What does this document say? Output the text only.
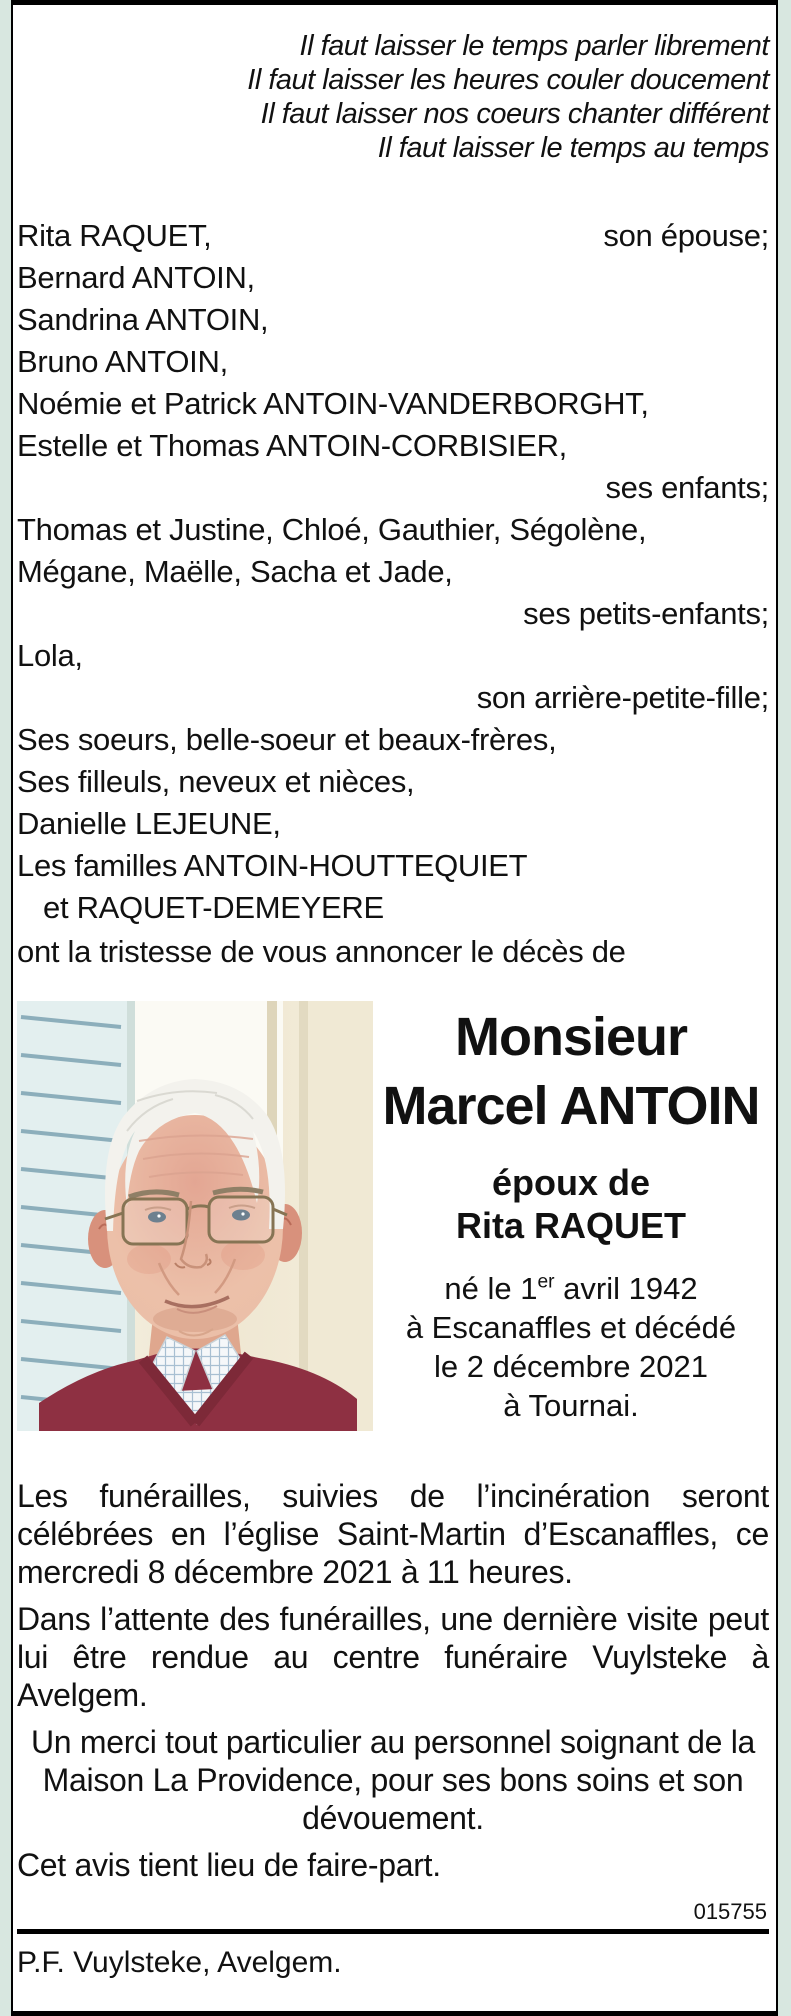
Il faut laisser le temps parler librement
Il faut laisser les heures couler doucement
Il faut laisser nos coeurs chanter différent
Il faut laisser le temps au temps
Rita RAQUET,	son épouse;
Bernard ANTOIN,
Sandrina ANTOIN,
Bruno ANTOIN,
Noémie et Patrick ANTOIN-VANDERBORGHT,
Estelle et Thomas ANTOIN-CORBISIER,
ses enfants;
Thomas et Justine, Chloé, Gauthier, Ségolène,
Mégane, Maëlle, Sacha et Jade,
ses petits-enfants;
Lola,
son arrière-petite-fille;
Ses soeurs, belle-soeur et beaux-frères,
Ses filleuls, neveux et nièces,
Danielle LEJEUNE,
Les familles ANTOIN-HOUTTEQUIET
et RAQUET-DEMEYERE
ont la tristesse de vous annoncer le décès de
Monsieur
Marcel ANTOIN
époux de
Rita RAQUET
né le 1er avril 1942
à Escanaffles et décédé
le 2 décembre 2021
à Tournai.
Les funérailles, suivies de l’incinération seront célébrées en l’église Saint-Martin d’Escanaffles, ce mercredi 8 décembre 2021 à 11 heures.
Dans l’attente des funérailles, une dernière visite peut lui être rendue au centre funéraire Vuylsteke à Avelgem.
Un merci tout particulier au personnel soignant de la Maison La Providence, pour ses bons soins et son dévouement.
Cet avis tient lieu de faire-part.
015755
P.F. Vuylsteke, Avelgem.
